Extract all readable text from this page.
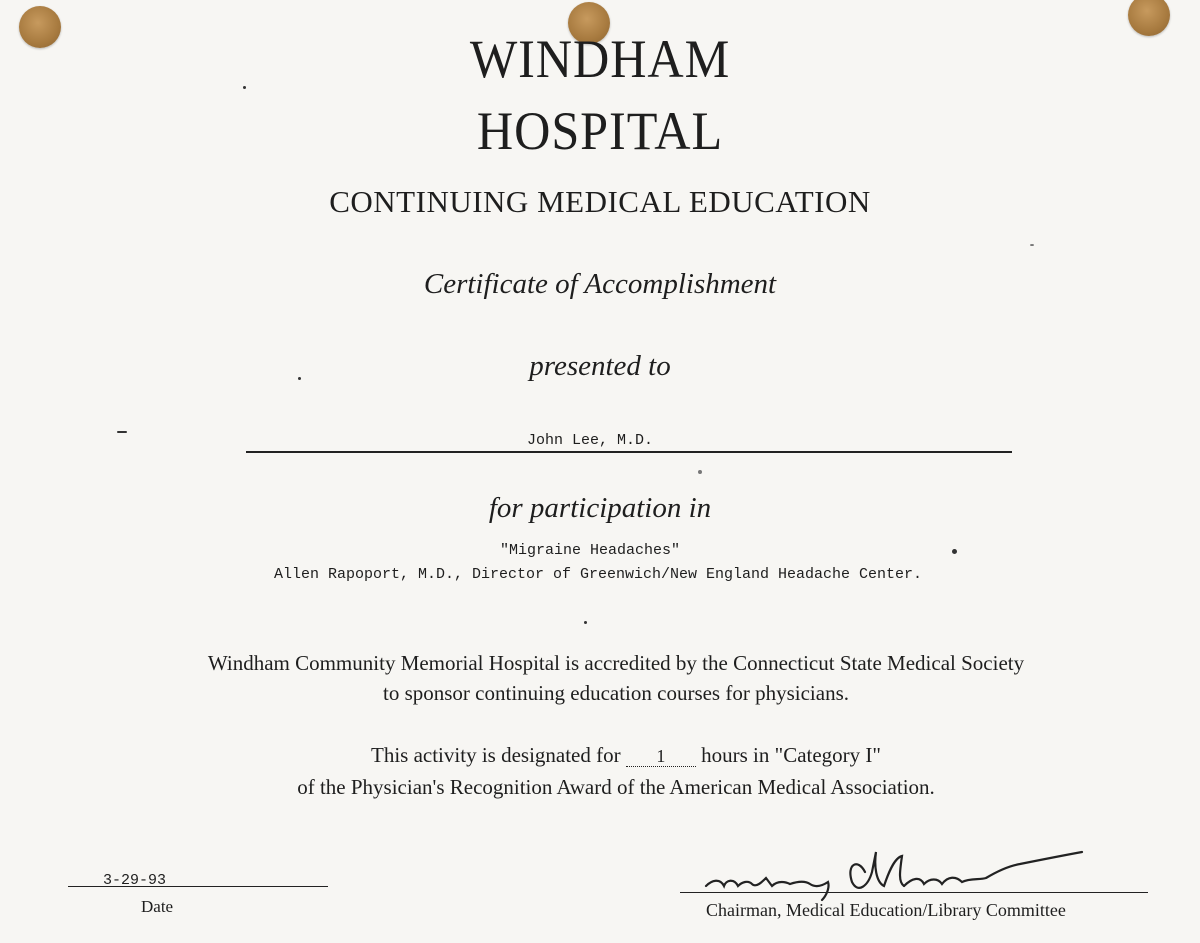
WINDHAM
HOSPITAL
CONTINUING MEDICAL EDUCATION
Certificate of Accomplishment
presented to
John Lee, M.D.
for participation in
"Migraine Headaches"
Allen Rapoport, M.D., Director of Greenwich/New England Headache Center.
Windham Community Memorial Hospital is accredited by the Connecticut State Medical Society
to sponsor continuing education courses for physicians.
This activity is designated for 1 hours in "Category I"
of the Physician's Recognition Award of the American Medical Association.
3-29-93
Date	Chairman, Medical Education/Library Committee
